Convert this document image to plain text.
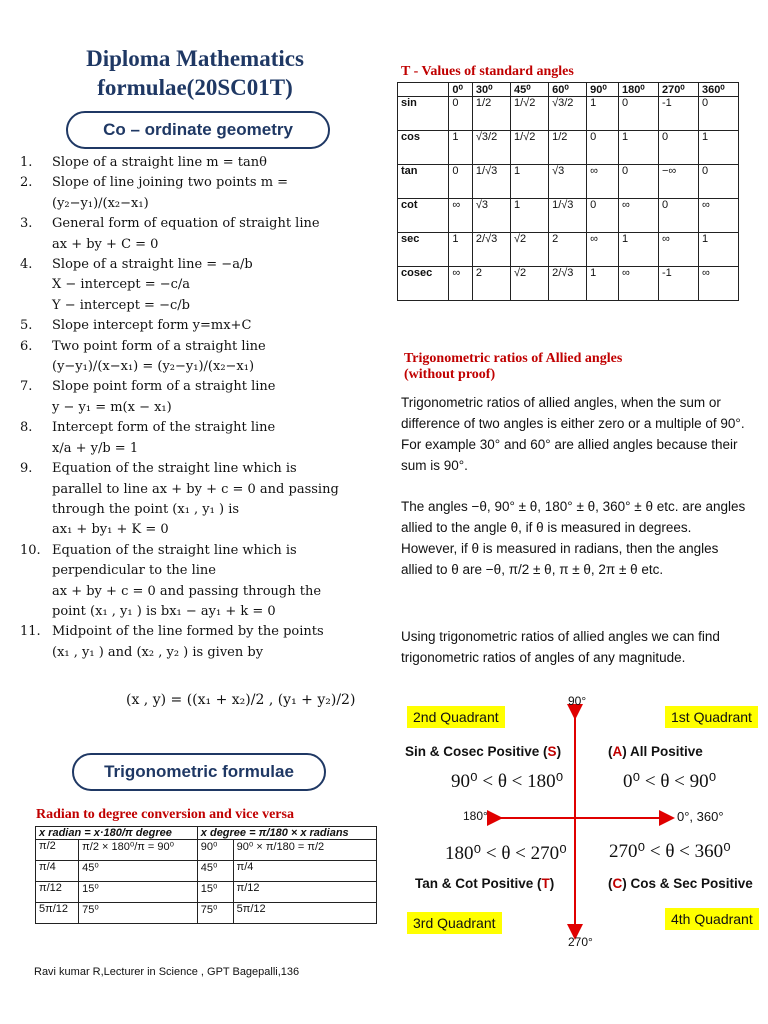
Diploma Mathematics
formulae(20SC01T)
Co – ordinate geometry
1.	Slope of a straight line m = tanθ
2.	Slope of line joining two points m = (y₂−y₁)/(x₂−x₁)
3.	General form of equation of straight line
ax + by + C = 0
4.	Slope of a straight line = −a/b
X − intercept = −c/a
Y − intercept = −c/b
5.	Slope intercept form y=mx+C
6.	Two point form of a straight line
(y−y₁)/(x−x₁) = (y₂−y₁)/(x₂−x₁)
7.	Slope point form of a straight line
y − y₁ = m(x − x₁)
8.	Intercept form of the straight line
x/a + y/b = 1
9.	Equation of the straight line which is
parallel to line ax + by + c = 0 and passing
through the point (x₁ , y₁ ) is
ax₁ + by₁ + K = 0
10. Equation of the straight line which is
perpendicular to the line
ax + by + c = 0 and passing through the
point (x₁ , y₁ ) is bx₁ − ay₁ + k = 0
11. Midpoint of the line formed by the points
(x₁ , y₁ ) and (x₂ , y₂ ) is given by
(x , y) = ((x₁ + x₂)/2 , (y₁ + y₂)/2)
Trigonometric formulae
Radian to degree conversion and vice versa
x radian = x·180/π degree		x degree = π/180 × x radians	
π/2	π/2 × 180⁰/π = 90⁰	90⁰	90⁰ × π/180 = π/2
π/4	45⁰	45⁰	π/4
π/12	15⁰	15⁰	π/12
5π/12	75⁰	75⁰	5π/12
T - Values of standard angles
	0⁰	30⁰	45⁰	60⁰	90⁰	180⁰	270⁰	360⁰
sin	0	1/2	1/√2	√3/2	1	0	-1	0
cos	1	√3/2	1/√2	1/2	0	1	0	1
tan	0	1/√3	1	√3	∞	0	−∞	0
cot	∞	√3	1	1/√3	0	∞	0	∞
sec	1	2/√3	√2	2	∞	1	∞	1
cosec	∞	2	√2	2/√3	1	∞	-1	∞
Trigonometric ratios of Allied angles
(without proof)
Trigonometric ratios of allied angles, when the sum or difference of two angles is either zero or a multiple of 90°. For example 30° and 60° are allied angles because their sum is 90°.
The angles −θ, 90° ± θ, 180° ± θ, 360° ± θ etc. are angles allied to the angle θ, if θ is measured in degrees. However, if θ is measured in radians, then the angles allied to θ are −θ, π/2 ± θ, π ± θ, 2π ± θ etc.
Using trigonometric ratios of allied angles we can find trigonometric ratios of angles of any magnitude.
90°
180°	0°, 360°
270°
2nd Quadrant	1st Quadrant
3rd Quadrant	4th Quadrant
Sin & Cosec Positive (S)	(A) All Positive
Tan & Cot Positive (T)	(C) Cos & Sec Positive
90⁰ < θ < 180⁰	0⁰ < θ < 90⁰
180⁰ < θ < 270⁰ 270⁰ < θ < 360⁰
Ravi kumar R,Lecturer in Science , GPT Bagepalli,136
